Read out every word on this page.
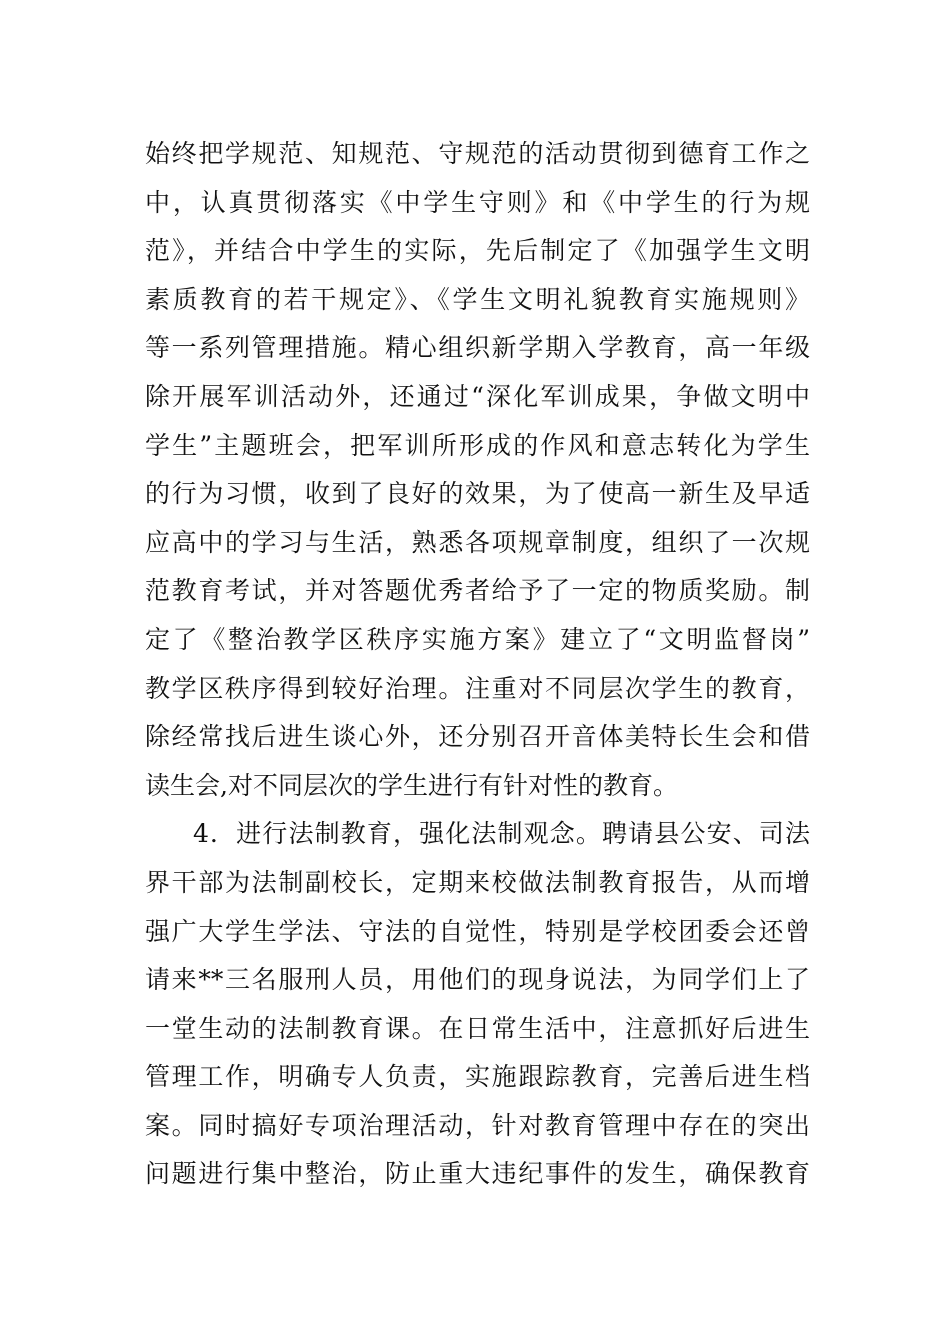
始终把学规范、知规范、守规范的活动贯彻到德育工作之
中，认真贯彻落实《中学生守则》和《中学生的行为规
范》，并结合中学生的实际，先后制定了《加强学生文明
素质教育的若干规定》、《学生文明礼貌教育实施规则》
等一系列管理措施。精心组织新学期入学教育，高一年级
除开展军训活动外，还通过“深化军训成果，争做文明中
学生”主题班会，把军训所形成的作风和意志转化为学生
的行为习惯，收到了良好的效果，为了使高一新生及早适
应高中的学习与生活，熟悉各项规章制度，组织了一次规
范教育考试，并对答题优秀者给予了一定的物质奖励。制
定了《整治教学区秩序实施方案》建立了“文明监督岗”
教学区秩序得到较好治理。注重对不同层次学生的教育，
除经常找后进生谈心外，还分别召开音体美特长生会和借
读生会,对不同层次的学生进行有针对性的教育。
4．进行法制教育，强化法制观念。聘请县公安、司法
界干部为法制副校长，定期来校做法制教育报告，从而增
强广大学生学法、守法的自觉性，特别是学校团委会还曾
请来**三名服刑人员，用他们的现身说法，为同学们上了
一堂生动的法制教育课。在日常生活中，注意抓好后进生
管理工作，明确专人负责，实施跟踪教育，完善后进生档
案。同时搞好专项治理活动，针对教育管理中存在的突出
问题进行集中整治，防止重大违纪事件的发生，确保教育
